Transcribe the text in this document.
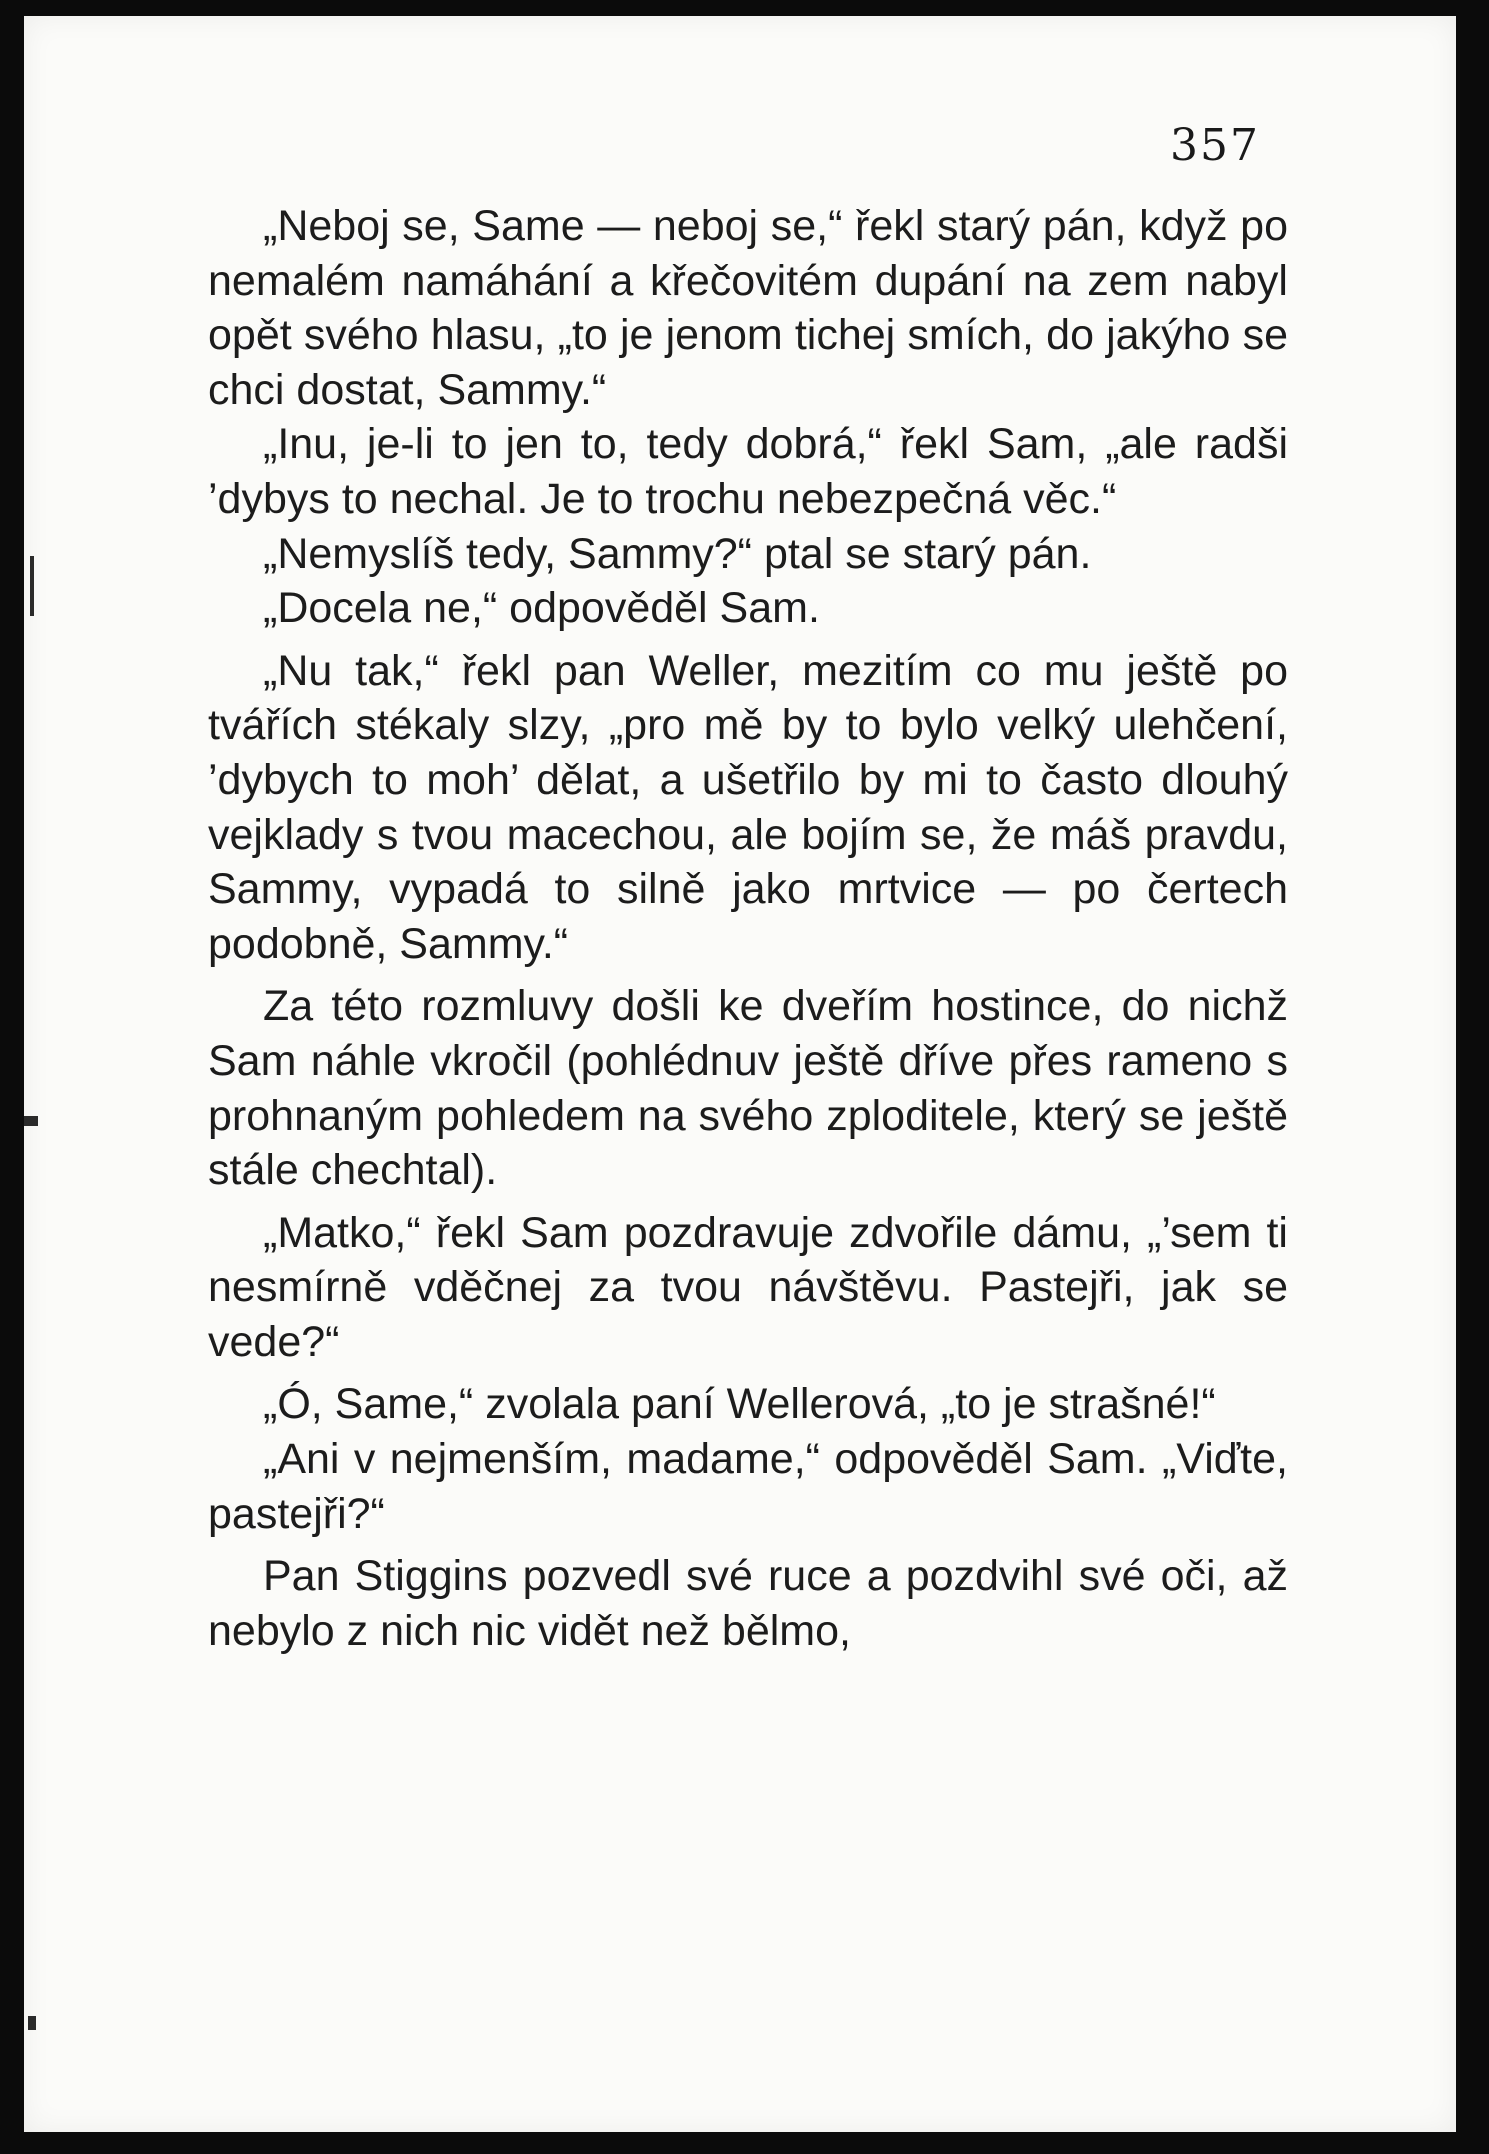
357

„Neboj se, Same — neboj se,“ řekl starý pán, když po nemalém namáhání a křečovitém dupání na zem nabyl opět svého hlasu, „to je jenom tichej smích, do jakýho se chci dostat, Sammy.“

„Inu, je-li to jen to, tedy dobrá,“ řekl Sam, „ale radši ’dybys to nechal. Je to trochu nebezpečná věc.“

„Nemyslíš tedy, Sammy?“ ptal se starý pán.

„Docela ne,“ odpověděl Sam.

„Nu tak,“ řekl pan Weller, mezitím co mu ještě po tvářích stékaly slzy, „pro mě by to bylo velký ulehčení, ’dybych to moh’ dělat, a ušetřilo by mi to často dlouhý vejklady s tvou macechou, ale bojím se, že máš pravdu, Sammy, vypadá to silně jako mrtvice — po čertech podobně, Sammy.“

Za této rozmluvy došli ke dveřím hostince, do nichž Sam náhle vkročil (pohlédnuv ještě dříve přes rameno s prohnaným pohledem na svého zploditele, který se ještě stále chechtal).

„Matko,“ řekl Sam pozdravuje zdvořile dámu, „’sem ti nesmírně vděčnej za tvou návštěvu. Pastejři, jak se vede?“

„Ó, Same,“ zvolala paní Wellerová, „to je strašné!“

„Ani v nejmenším, madame,“ odpověděl Sam. „Viďte, pastejři?“

Pan Stiggins pozvedl své ruce a pozdvihl své oči, až nebylo z nich nic vidět než bělmo,
